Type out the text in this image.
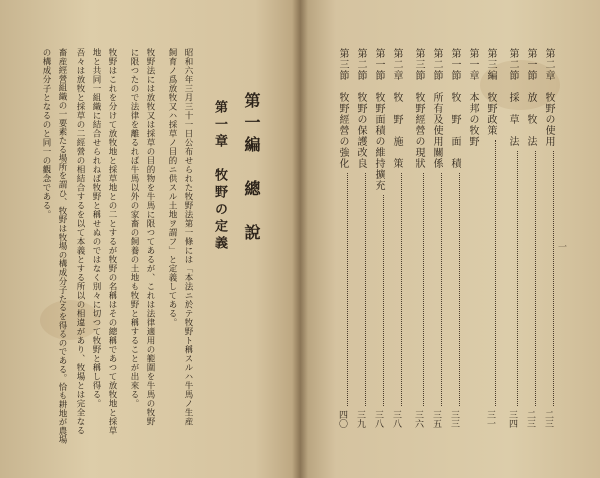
第一編　總　說
第一章　牧野の定義
昭和六年三月三十一日公布せられた牧野法第一條には「本法ニ於テ牧野ト稱スルハ牛馬ノ生産
飼育ノ爲放牧又ハ採草ノ目的ニ供スル土地ヲ謂フ」と定義してある。
牧野法には放牧又は採草の目的物を牛馬に限つてあるが、これは法律適用の範圍を牛馬の牧野
に限つたので法律を離るれば牛馬以外の家畜の飼養の土地も牧野と稱することが出來る。
牧野はこれを分けて放牧地と採草地との二とするが牧野の名稱はその總稱であつて放牧地と採草
地と共同一組織に結合せられねば牧野と稱せぬのではなく別々に切つて牧野と稱し得る。
吾々は放牧と採草の二經營の相結合するを以て本義とする所以の相違があり、牧場とは完全なる
畜産經營組織の一要素たる場所を謂ひ、牧野は牧場の構成分子たるを得るのである。恰も耕地が農場
の構成分子となるのと同一の觀念である。	第二章　牧野の使用
二三
第一節　放　牧　法
二三
第二節　採　草　法
三四
第三編　牧野政策
三一
第一章　本邦の牧野
第一節　牧　野　面　積
三三
第二節　所有及使用關係
三五
第三節　牧野經營の現狀
三六
第二章　牧　野　施　策
三八
第一節　牧野面積の維持擴充
三八
第二節　牧野の保護改良
三九
第三節　牧野經營の強化
四〇
一
